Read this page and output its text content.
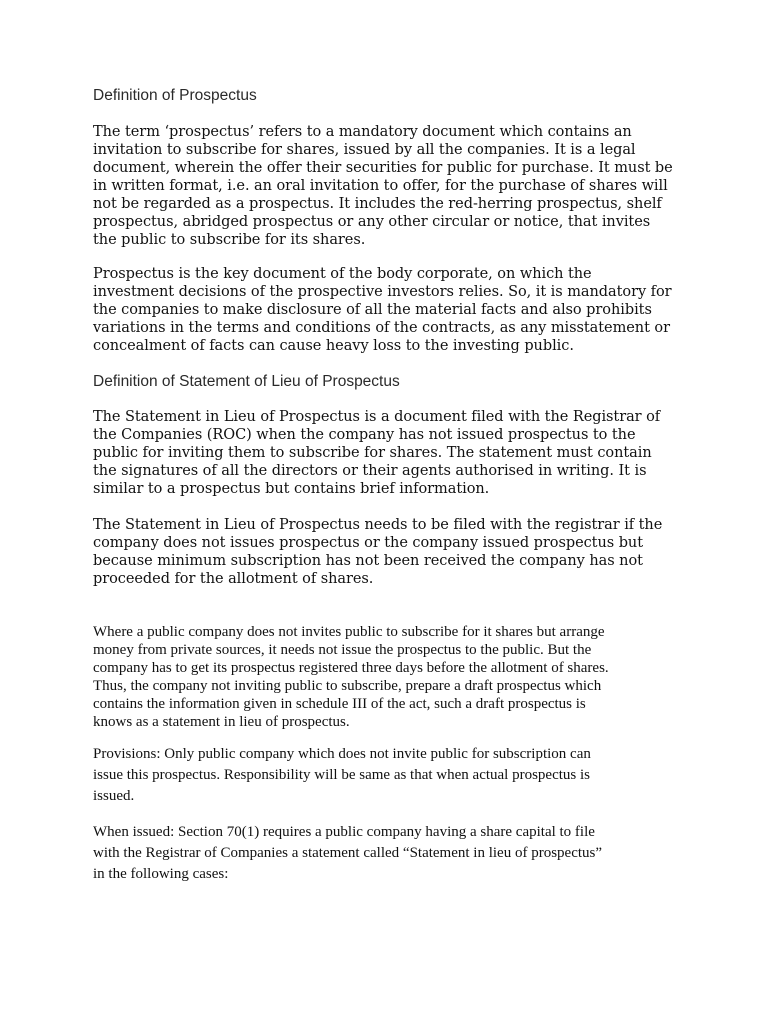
Definition of Prospectus
The term ‘prospectus’ refers to a mandatory document which contains an
invitation to subscribe for shares, issued by all the companies. It is a legal
document, wherein the offer their securities for public for purchase. It must be
in written format, i.e. an oral invitation to offer, for the purchase of shares will
not be regarded as a prospectus. It includes the red-herring prospectus, shelf
prospectus, abridged prospectus or any other circular or notice, that invites
the public to subscribe for its shares.
Prospectus is the key document of the body corporate, on which the
investment decisions of the prospective investors relies. So, it is mandatory for
the companies to make disclosure of all the material facts and also prohibits
variations in the terms and conditions of the contracts, as any misstatement or
concealment of facts can cause heavy loss to the investing public.
Definition of Statement of Lieu of Prospectus
The Statement in Lieu of Prospectus is a document filed with the Registrar of
the Companies (ROC) when the company has not issued prospectus to the
public for inviting them to subscribe for shares. The statement must contain
the signatures of all the directors or their agents authorised in writing. It is
similar to a prospectus but contains brief information.
The Statement in Lieu of Prospectus needs to be filed with the registrar if the
company does not issues prospectus or the company issued prospectus but
because minimum subscription has not been received the company has not
proceeded for the allotment of shares.
Where a public company does not invites public to subscribe for it shares but arrange
money from private sources, it needs not issue the prospectus to the public. But the
company has to get its prospectus registered three days before the allotment of shares.
Thus, the company not inviting public to subscribe, prepare a draft prospectus which
contains the information given in schedule III of the act, such a draft prospectus is
knows as a statement in lieu of prospectus.
Provisions: Only public company which does not invite public for subscription can
issue this prospectus. Responsibility will be same as that when actual prospectus is
issued.
When issued: Section 70(1) requires a public company having a share capital to file
with the Registrar of Companies a statement called “Statement in lieu of prospectus”
in the following cases:
